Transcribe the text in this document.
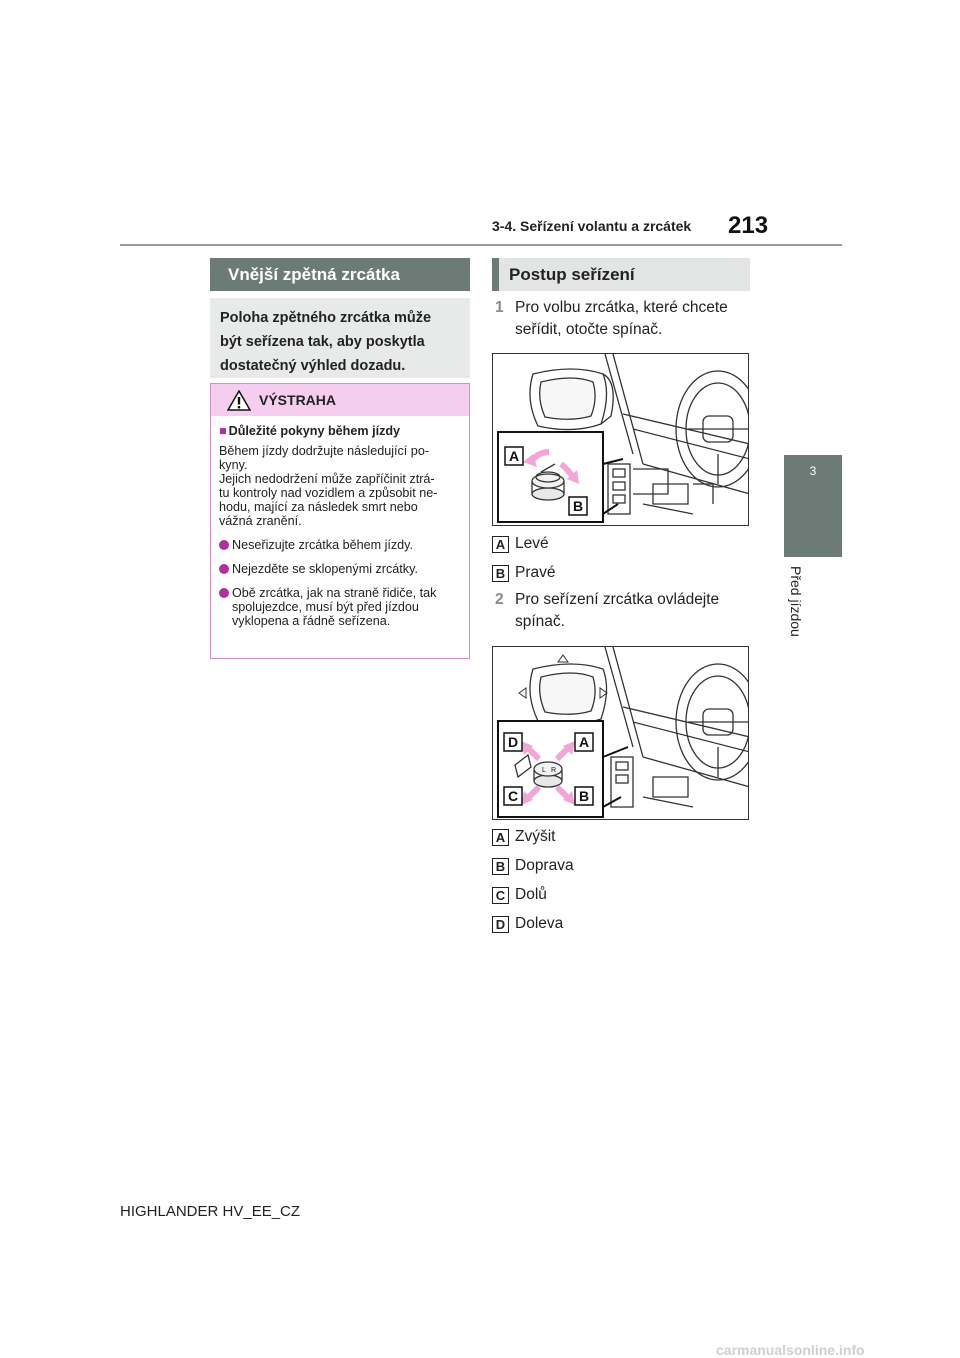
3-4. Seřízení volantu a zrcátek 213
3
Před jízdou
Vnější zpětná zrcátka
Poloha zpětného zrcátka může
být seřízena tak, aby poskytla
dostatečný výhled dozadu.
VÝSTRAHA
■ Důležité pokyny během jízdy
Během jízdy dodržujte následující po-
kyny.
Jejich nedodržení může zapříčinit ztrá-
tu kontroly nad vozidlem a způsobit ne-
hodu, mající za následek smrt nebo
vážná zranění.
Neseřizujte zrcátka během jízdy.
Nejezděte se sklopenými zrcátky.
Obě zrcátka, jak na straně řidiče, tak
spolujezdce, musí být před jízdou
vyklopena a řádně seřízena.
Postup seřízení
1 Pro volbu zrcátka, které chcete
seřídit, otočte spínač.
A
B
A Levé
B Pravé
2 Pro seřízení zrcátka ovládejte
spínač.
L R
D	A
C	B
A Zvýšit
B Doprava
C Dolů
D Doleva
HIGHLANDER HV_EE_CZ
carmanualsonline.info
